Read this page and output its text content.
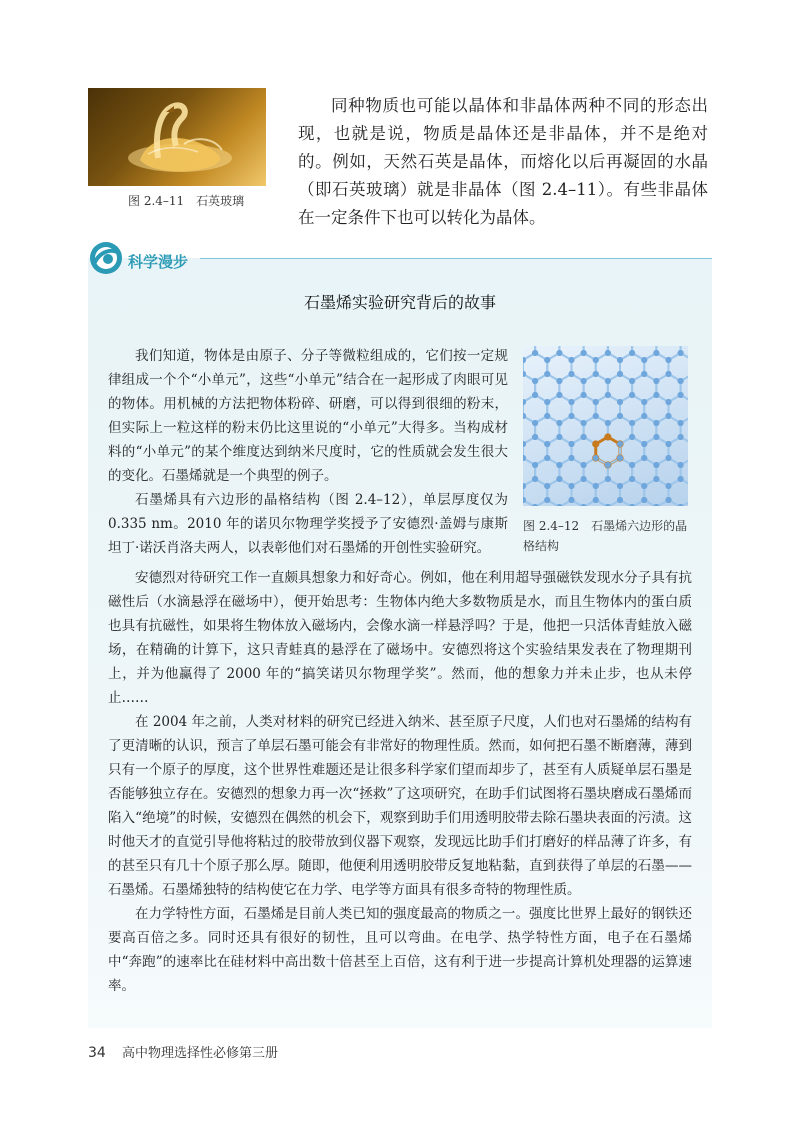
图 2.4–11　石英玻璃

同种物质也可能以晶体和非晶体两种不同的形态出现，也就是说，物质是晶体还是非晶体，并不是绝对的。例如，天然石英是晶体，而熔化以后再凝固的水晶（即石英玻璃）就是非晶体（图 2.4–11）。有些非晶体在一定条件下也可以转化为晶体。

科学漫步
石墨烯实验研究背后的故事

我们知道，物体是由原子、分子等微粒组成的，它们按一定规律组成一个个“小单元”，这些“小单元”结合在一起形成了肉眼可见的物体。用机械的方法把物体粉碎、研磨，可以得到很细的粉末，但实际上一粒这样的粉末仍比这里说的“小单元”大得多。当构成材料的“小单元”的某个维度达到纳米尺度时，它的性质就会发生很大的变化。石墨烯就是一个典型的例子。

石墨烯具有六边形的晶格结构（图 2.4–12），单层厚度仅为 0.335 nm。2010 年的诺贝尔物理学奖授予了安德烈·盖姆与康斯坦丁·诺沃肖洛夫两人，以表彰他们对石墨烯的开创性实验研究。

图 2.4–12　石墨烯六边形的晶格结构

安德烈对待研究工作一直颇具想象力和好奇心。例如，他在利用超导强磁铁发现水分子具有抗磁性后（水滴悬浮在磁场中），便开始思考：生物体内绝大多数物质是水，而且生物体内的蛋白质也具有抗磁性，如果将生物体放入磁场内，会像水滴一样悬浮吗？于是，他把一只活体青蛙放入磁场，在精确的计算下，这只青蛙真的悬浮在了磁场中。安德烈将这个实验结果发表在了物理期刊上，并为他赢得了 2000 年的“搞笑诺贝尔物理学奖”。然而，他的想象力并未止步，也从未停止……

在 2004 年之前，人类对材料的研究已经进入纳米、甚至原子尺度，人们也对石墨烯的结构有了更清晰的认识，预言了单层石墨可能会有非常好的物理性质。然而，如何把石墨不断磨薄，薄到只有一个原子的厚度，这个世界性难题还是让很多科学家们望而却步了，甚至有人质疑单层石墨是否能够独立存在。安德烈的想象力再一次“拯救”了这项研究，在助手们试图将石墨块磨成石墨烯而陷入“绝境”的时候，安德烈在偶然的机会下，观察到助手们用透明胶带去除石墨块表面的污渍。这时他天才的直觉引导他将粘过的胶带放到仪器下观察，发现远比助手们打磨好的样品薄了许多，有的甚至只有几十个原子那么厚。随即，他便利用透明胶带反复地粘黏，直到获得了单层的石墨——石墨烯。石墨烯独特的结构使它在力学、电学等方面具有很多奇特的物理性质。

在力学特性方面，石墨烯是目前人类已知的强度最高的物质之一。强度比世界上最好的钢铁还要高百倍之多。同时还具有很好的韧性，且可以弯曲。在电学、热学特性方面，电子在石墨烯中“奔跑”的速率比在硅材料中高出数十倍甚至上百倍，这有利于进一步提高计算机处理器的运算速率。

34 高中物理选择性必修第三册
